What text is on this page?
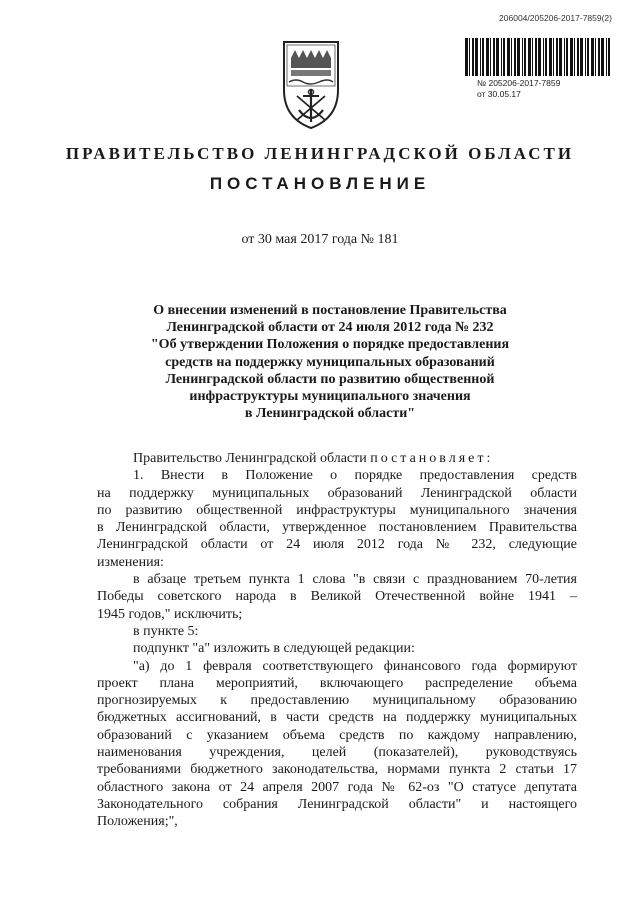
206004/205206-2017-7859(2)
№ 205206-2017-7859
от 30.05.17
ПРАВИТЕЛЬСТВО ЛЕНИНГРАДСКОЙ ОБЛАСТИ
ПОСТАНОВЛЕНИЕ
от 30 мая 2017 года № 181
О внесении изменений в постановление Правительства
Ленинградской области от 24 июля 2012 года № 232
"Об утверждении Положения о порядке предоставления
средств на поддержку муниципальных образований
Ленинградской области по развитию общественной
инфраструктуры муниципального значения
в Ленинградской области"
Правительство Ленинградской области постановляет:
1. Внести в Положение о порядке предоставления средств
на поддержку муниципальных образований Ленинградской области
по развитию общественной инфраструктуры муниципального значения
в Ленинградской области, утвержденное постановлением Правительства
Ленинградской области от 24 июля 2012 года № 232, следующие
изменения:
в абзаце третьем пункта 1 слова "в связи с празднованием 70-летия
Победы советского народа в Великой Отечественной войне 1941 –
1945 годов," исключить;
в пункте 5:
подпункт "а" изложить в следующей редакции:
"а) до 1 февраля соответствующего финансового года формируют
проект плана мероприятий, включающего распределение объема
прогнозируемых к предоставлению муниципальному образованию
бюджетных ассигнований, в части средств на поддержку муниципальных
образований с указанием объема средств по каждому направлению,
наименования учреждения, целей (показателей), руководствуясь
требованиями бюджетного законодательства, нормами пункта 2 статьи 17
областного закона от 24 апреля 2007 года № 62-оз "О статусе депутата
Законодательного собрания Ленинградской области" и настоящего
Положения;",
